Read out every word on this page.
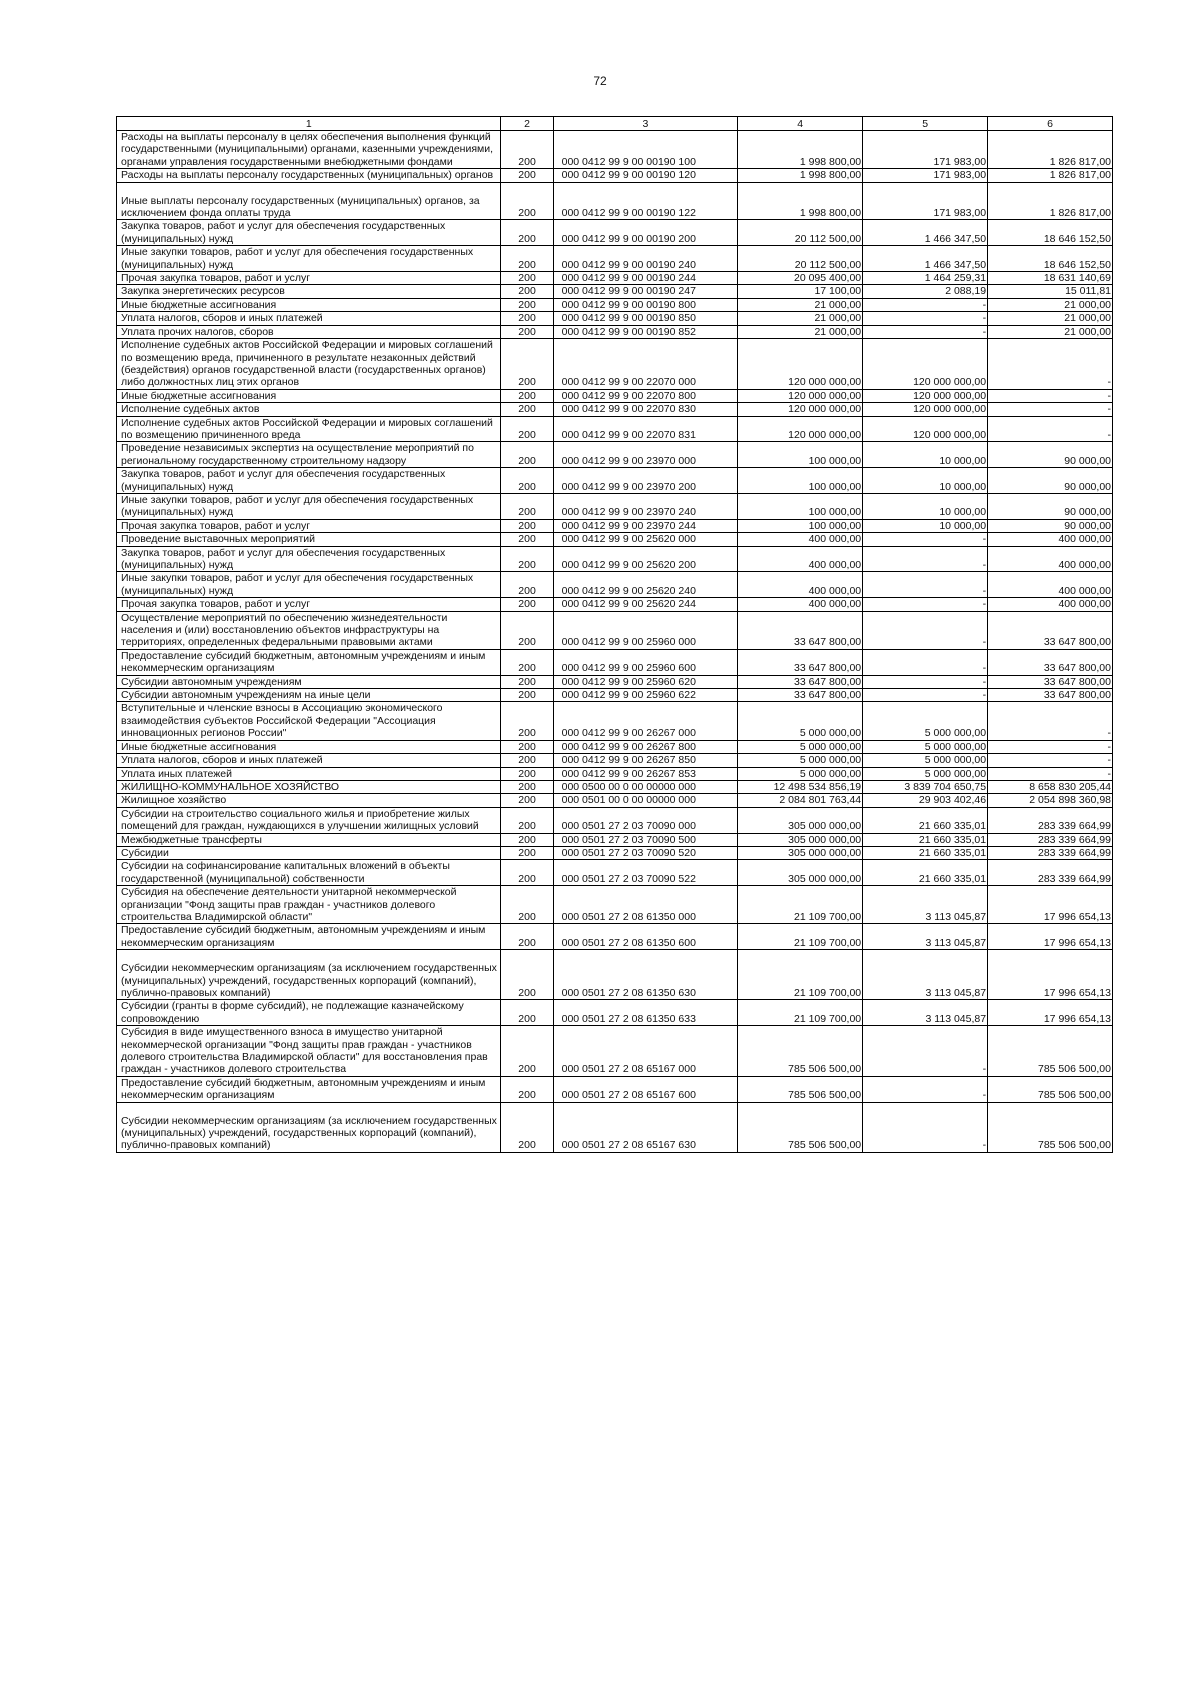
72
1	2	3	4	5	6
Расходы на выплаты персоналу в целях обеспечения выполнения функций государственными (муниципальными) органами, казенными учреждениями, органами управления государственными внебюджетными фондами	200	000 0412 99 9 00 00190 100	1 998 800,00	171 983,00	1 826 817,00
Расходы на выплаты персоналу государственных (муниципальных) органов	200	000 0412 99 9 00 00190 120	1 998 800,00	171 983,00	1 826 817,00

Иные выплаты персоналу государственных (муниципальных) органов, за исключением фонда оплаты труда	200	000 0412 99 9 00 00190 122	1 998 800,00	171 983,00	1 826 817,00
Закупка товаров, работ и услуг для обеспечения государственных (муниципальных) нужд	200	000 0412 99 9 00 00190 200	20 112 500,00	1 466 347,50	18 646 152,50
Иные закупки товаров, работ и услуг для обеспечения государственных (муниципальных) нужд	200	000 0412 99 9 00 00190 240	20 112 500,00	1 466 347,50	18 646 152,50
Прочая закупка товаров, работ и услуг	200	000 0412 99 9 00 00190 244	20 095 400,00	1 464 259,31	18 631 140,69
Закупка энергетических ресурсов	200	000 0412 99 9 00 00190 247	17 100,00	2 088,19	15 011,81
Иные бюджетные ассигнования	200	000 0412 99 9 00 00190 800	21 000,00	-	21 000,00
Уплата налогов, сборов и иных платежей	200	000 0412 99 9 00 00190 850	21 000,00	-	21 000,00
Уплата прочих налогов, сборов	200	000 0412 99 9 00 00190 852	21 000,00	-	21 000,00
Исполнение судебных актов Российской Федерации и мировых соглашений по возмещению вреда, причиненного в результате незаконных действий (бездействия) органов государственной власти (государственных органов) либо должностных лиц этих органов	200	000 0412 99 9 00 22070 000	120 000 000,00	120 000 000,00	-
Иные бюджетные ассигнования	200	000 0412 99 9 00 22070 800	120 000 000,00	120 000 000,00	-
Исполнение судебных актов	200	000 0412 99 9 00 22070 830	120 000 000,00	120 000 000,00	-
Исполнение судебных актов Российской Федерации и мировых соглашений по возмещению причиненного вреда	200	000 0412 99 9 00 22070 831	120 000 000,00	120 000 000,00	-
Проведение независимых экспертиз на осуществление мероприятий по региональному государственному строительному надзору	200	000 0412 99 9 00 23970 000	100 000,00	10 000,00	90 000,00
Закупка товаров, работ и услуг для обеспечения государственных (муниципальных) нужд	200	000 0412 99 9 00 23970 200	100 000,00	10 000,00	90 000,00
Иные закупки товаров, работ и услуг для обеспечения государственных (муниципальных) нужд	200	000 0412 99 9 00 23970 240	100 000,00	10 000,00	90 000,00
Прочая закупка товаров, работ и услуг	200	000 0412 99 9 00 23970 244	100 000,00	10 000,00	90 000,00
Проведение выставочных мероприятий	200	000 0412 99 9 00 25620 000	400 000,00	-	400 000,00
Закупка товаров, работ и услуг для обеспечения государственных (муниципальных) нужд	200	000 0412 99 9 00 25620 200	400 000,00	-	400 000,00
Иные закупки товаров, работ и услуг для обеспечения государственных (муниципальных) нужд	200	000 0412 99 9 00 25620 240	400 000,00	-	400 000,00
Прочая закупка товаров, работ и услуг	200	000 0412 99 9 00 25620 244	400 000,00	-	400 000,00
Осуществление мероприятий по обеспечению жизнедеятельности населения и (или) восстановлению объектов инфраструктуры на территориях, определенных федеральными правовыми актами	200	000 0412 99 9 00 25960 000	33 647 800,00	-	33 647 800,00
Предоставление субсидий бюджетным, автономным учреждениям и иным некоммерческим организациям	200	000 0412 99 9 00 25960 600	33 647 800,00	-	33 647 800,00
Субсидии автономным учреждениям	200	000 0412 99 9 00 25960 620	33 647 800,00	-	33 647 800,00
Субсидии автономным учреждениям на иные цели	200	000 0412 99 9 00 25960 622	33 647 800,00	-	33 647 800,00
Вступительные и членские взносы в Ассоциацию экономического взаимодействия субъектов Российской Федерации "Ассоциация инновационных регионов России"	200	000 0412 99 9 00 26267 000	5 000 000,00	5 000 000,00	-
Иные бюджетные ассигнования	200	000 0412 99 9 00 26267 800	5 000 000,00	5 000 000,00	-
Уплата налогов, сборов и иных платежей	200	000 0412 99 9 00 26267 850	5 000 000,00	5 000 000,00	-
Уплата иных платежей	200	000 0412 99 9 00 26267 853	5 000 000,00	5 000 000,00	-
ЖИЛИЩНО-КОММУНАЛЬНОЕ ХОЗЯЙСТВО	200	000 0500 00 0 00 00000 000	12 498 534 856,19	3 839 704 650,75	8 658 830 205,44
Жилищное хозяйство	200	000 0501 00 0 00 00000 000	2 084 801 763,44	29 903 402,46	2 054 898 360,98
Субсидии на строительство социального жилья и приобретение жилых помещений для граждан, нуждающихся в улучшении жилищных условий	200	000 0501 27 2 03 70090 000	305 000 000,00	21 660 335,01	283 339 664,99
Межбюджетные трансферты	200	000 0501 27 2 03 70090 500	305 000 000,00	21 660 335,01	283 339 664,99
Субсидии	200	000 0501 27 2 03 70090 520	305 000 000,00	21 660 335,01	283 339 664,99
Субсидии на софинансирование капитальных вложений в объекты государственной (муниципальной) собственности	200	000 0501 27 2 03 70090 522	305 000 000,00	21 660 335,01	283 339 664,99
Субсидия на обеспечение деятельности унитарной некоммерческой организации "Фонд защиты прав граждан - участников долевого строительства Владимирской области"	200	000 0501 27 2 08 61350 000	21 109 700,00	3 113 045,87	17 996 654,13
Предоставление субсидий бюджетным, автономным учреждениям и иным некоммерческим организациям	200	000 0501 27 2 08 61350 600	21 109 700,00	3 113 045,87	17 996 654,13

Субсидии некоммерческим организациям (за исключением государственных (муниципальных) учреждений, государственных корпораций (компаний), публично-правовых компаний)	200	000 0501 27 2 08 61350 630	21 109 700,00	3 113 045,87	17 996 654,13
Субсидии (гранты в форме субсидий), не подлежащие казначейскому сопровождению	200	000 0501 27 2 08 61350 633	21 109 700,00	3 113 045,87	17 996 654,13
Субсидия в виде имущественного взноса в имущество унитарной некоммерческой организации "Фонд защиты прав граждан - участников долевого строительства Владимирской области" для восстановления прав граждан - участников долевого строительства	200	000 0501 27 2 08 65167 000	785 506 500,00	-	785 506 500,00
Предоставление субсидий бюджетным, автономным учреждениям и иным некоммерческим организациям	200	000 0501 27 2 08 65167 600	785 506 500,00	-	785 506 500,00

Субсидии некоммерческим организациям (за исключением государственных (муниципальных) учреждений, государственных корпораций (компаний), публично-правовых компаний)	200	000 0501 27 2 08 65167 630	785 506 500,00	-	785 506 500,00
